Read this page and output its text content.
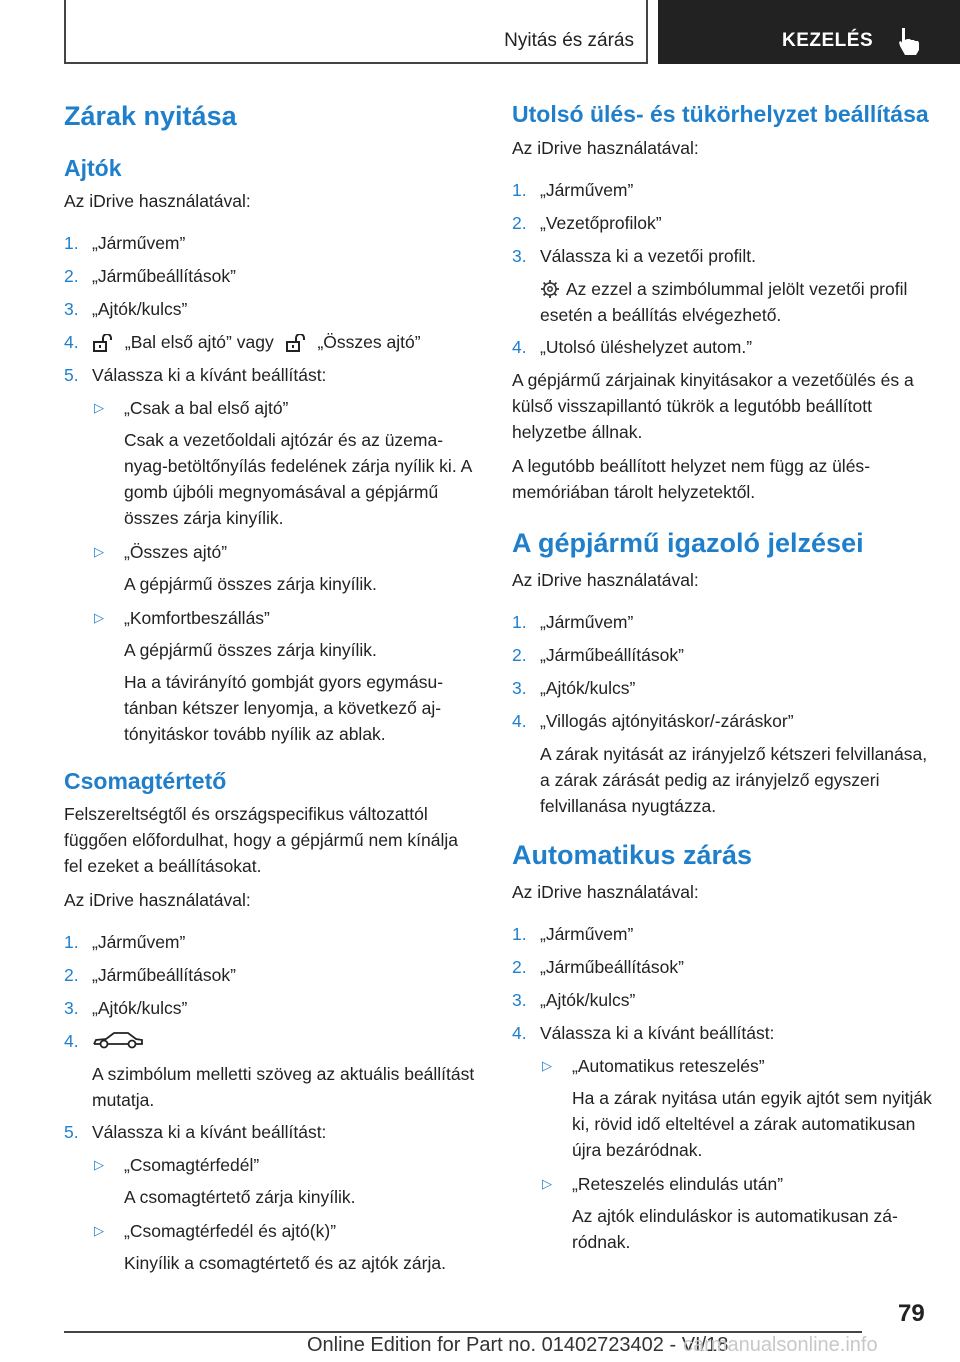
Nyitás és zárás	KEZELÉS
Zárak nyitása
Ajtók

Az iDrive használatával:

1. „Járművem”
2. „Járműbeállítások”
3. „Ajtók/kulcs”
4.	„Bal első ajtó” vagy	„Összes ajtó”
5. Válassza ki a kívánt beállítást:
▷ „Csak a bal első ajtó”
Csak a vezetőoldali ajtózár és az üzemanyag-betöltőnyílás fedelének zárja nyílik ki. A gomb újbóli megnyomásával a gépjármű összes zárja kinyílik.
▷ „Összes ajtó”
A gépjármű összes zárja kinyílik.
▷ „Komfortbeszállás”
A gépjármű összes zárja kinyílik.
Ha a távirányító gombját gyors egymásutánban kétszer lenyomja, a következő ajtónyitáskor tovább nyílik az ablak.
Csomagtértető

Felszereltségtől és országspecifikus változattól függően előfordulhat, hogy a gépjármű nem kínálja fel ezeket a beállításokat.

Az iDrive használatával:

1. „Járművem”
2. „Járműbeállítások”
3. „Ajtók/kulcs”
4.
A szimbólum melletti szöveg az aktuális beállítást mutatja.
5. Válassza ki a kívánt beállítást:
▷ „Csomagtérfedél”
A csomagtértető zárja kinyílik.
▷ „Csomagtérfedél és ajtó(k)”
Kinyílik a csomagtértető és az ajtók zárja.
Utolsó ülés- és tükörhelyzet beállítása

Az iDrive használatával:

1. „Járművem”
2. „Vezetőprofilok”
3. Válassza ki a vezetői profilt.
Az ezzel a szimbólummal jelölt vezetői profil esetén a beállítás elvégezhető.
4. „Utolsó üléshelyzet autom.”

A gépjármű zárjainak kinyitásakor a vezetőülés és a külső visszapillantó tükrök a legutóbb beállított helyzetbe állnak.

A legutóbb beállított helyzet nem függ az ülésmemóriában tárolt helyzetektől.

A gépjármű igazoló jelzései

Az iDrive használatával:

1. „Járművem”
2. „Járműbeállítások”
3. „Ajtók/kulcs”
4. „Villogás ajtónyitáskor/-záráskor”
A zárak nyitását az irányjelző kétszeri felvillanása, a zárak zárását pedig az irányjelző egyszeri felvillanása nyugtázza.
Automatikus zárás

Az iDrive használatával:

1. „Járművem”
2. „Járműbeállítások”
3. „Ajtók/kulcs”
4. Válassza ki a kívánt beállítást:
▷ „Automatikus reteszelés”
Ha a zárak nyitása után egyik ajtót sem nyitják ki, rövid idő elteltével a zárak automatikusan újra bezáródnak.
▷ „Reteszelés elindulás után”
Az ajtók elinduláskor is automatikusan záródnak.
79
Online Edition for Part no. 01402723402 - VI/18
carmanualsonline.info
